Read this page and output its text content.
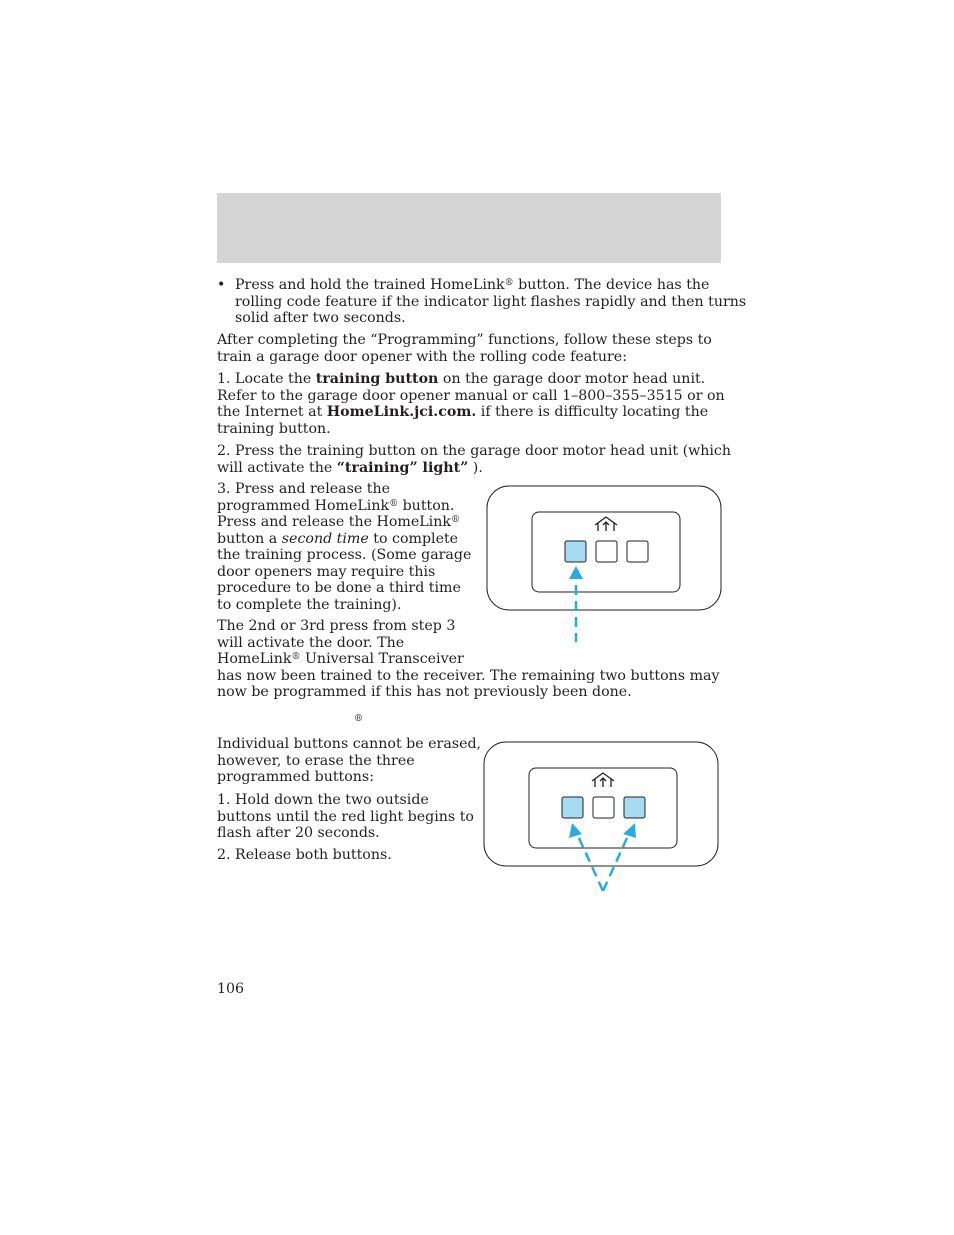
• Press and hold the trained HomeLink® button. The device has the

rolling code feature if the indicator light flashes rapidly and then turns

solid after two seconds.

After completing the “Programming” functions, follow these steps to

train a garage door opener with the rolling code feature:

1. Locate the training button on the garage door motor head unit.

Refer to the garage door opener manual or call 1–800–355–3515 or on

the Internet at HomeLink.jci.com. if there is difficulty locating the

training button.

2. Press the training button on the garage door motor head unit (which

will activate the “training” light” ).

3. Press and release the

programmed HomeLink® button.

Press and release the HomeLink®

button a second time to complete

the training process. (Some garage

door openers may require this

procedure to be done a third time

to complete the training).

The 2nd or 3rd press from step 3

will activate the door. The

HomeLink® Universal Transceiver

has now been trained to the receiver. The remaining two buttons may

now be programmed if this has not previously been done.

®

Individual buttons cannot be erased,

however, to erase the three

programmed buttons:

1. Hold down the two outside

buttons until the red light begins to

flash after 20 seconds.

2. Release both buttons.

106
